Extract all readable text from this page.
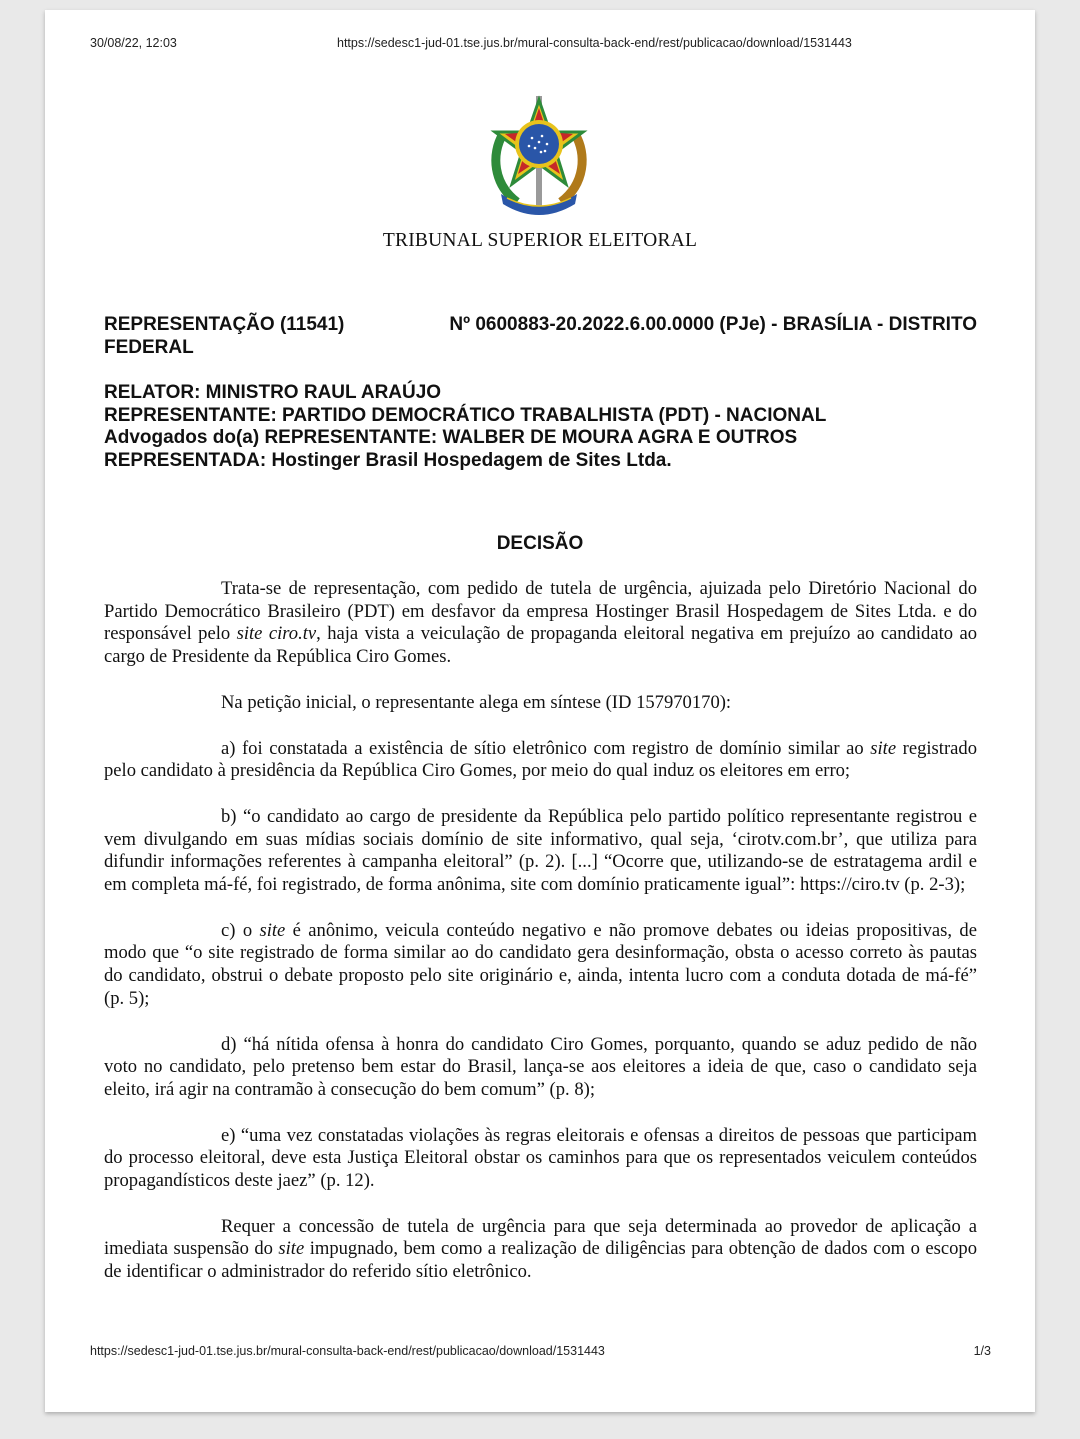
30/08/22, 12:03	https://sedesc1-jud-01.tse.jus.br/mural-consulta-back-end/rest/publicacao/download/1531443
TRIBUNAL SUPERIOR ELEITORAL
REPRESENTAÇÃO (11541)	Nº 0600883-20.2022.6.00.0000 (PJe) - BRASÍLIA - DISTRITO
FEDERAL
RELATOR: MINISTRO RAUL ARAÚJO
REPRESENTANTE: PARTIDO DEMOCRÁTICO TRABALHISTA (PDT) - NACIONAL
Advogados do(a) REPRESENTANTE: WALBER DE MOURA AGRA E OUTROS
REPRESENTADA: Hostinger Brasil Hospedagem de Sites Ltda.
DECISÃO

Trata-se de representação, com pedido de tutela de urgência, ajuizada pelo Diretório Nacional do Partido Democrático Brasileiro (PDT) em desfavor da empresa Hostinger Brasil Hospedagem de Sites Ltda. e do responsável pelo site ciro.tv, haja vista a veiculação de propaganda eleitoral negativa em prejuízo ao candidato ao cargo de Presidente da República Ciro Gomes.

Na petição inicial, o representante alega em síntese (ID 157970170):

a) foi constatada a existência de sítio eletrônico com registro de domínio similar ao site registrado pelo candidato à presidência da República Ciro Gomes, por meio do qual induz os eleitores em erro;

b) “o candidato ao cargo de presidente da República pelo partido político representante registrou e vem divulgando em suas mídias sociais domínio de site informativo, qual seja, ‘cirotv.com.br’, que utiliza para difundir informações referentes à campanha eleitoral” (p. 2). [...] “Ocorre que, utilizando-se de estratagema ardil e em completa má-fé, foi registrado, de forma anônima, site com domínio praticamente igual”: https://ciro.tv (p. 2-3);

c) o site é anônimo, veicula conteúdo negativo e não promove debates ou ideias propositivas, de modo que “o site registrado de forma similar ao do candidato gera desinformação, obsta o acesso correto às pautas do candidato, obstrui o debate proposto pelo site originário e, ainda, intenta lucro com a conduta dotada de má-fé” (p. 5);

d) “há nítida ofensa à honra do candidato Ciro Gomes, porquanto, quando se aduz pedido de não voto no candidato, pelo pretenso bem estar do Brasil, lança-se aos eleitores a ideia de que, caso o candidato seja eleito, irá agir na contramão à consecução do bem comum” (p. 8);

e) “uma vez constatadas violações às regras eleitorais e ofensas a direitos de pessoas que participam do processo eleitoral, deve esta Justiça Eleitoral obstar os caminhos para que os representados veiculem conteúdos propagandísticos deste jaez” (p. 12).

Requer a concessão de tutela de urgência para que seja determinada ao provedor de aplicação a imediata suspensão do site impugnado, bem como a realização de diligências para obtenção de dados com o escopo de identificar o administrador do referido sítio eletrônico.

https://sedesc1-jud-01.tse.jus.br/mural-consulta-back-end/rest/publicacao/download/1531443	1/3
